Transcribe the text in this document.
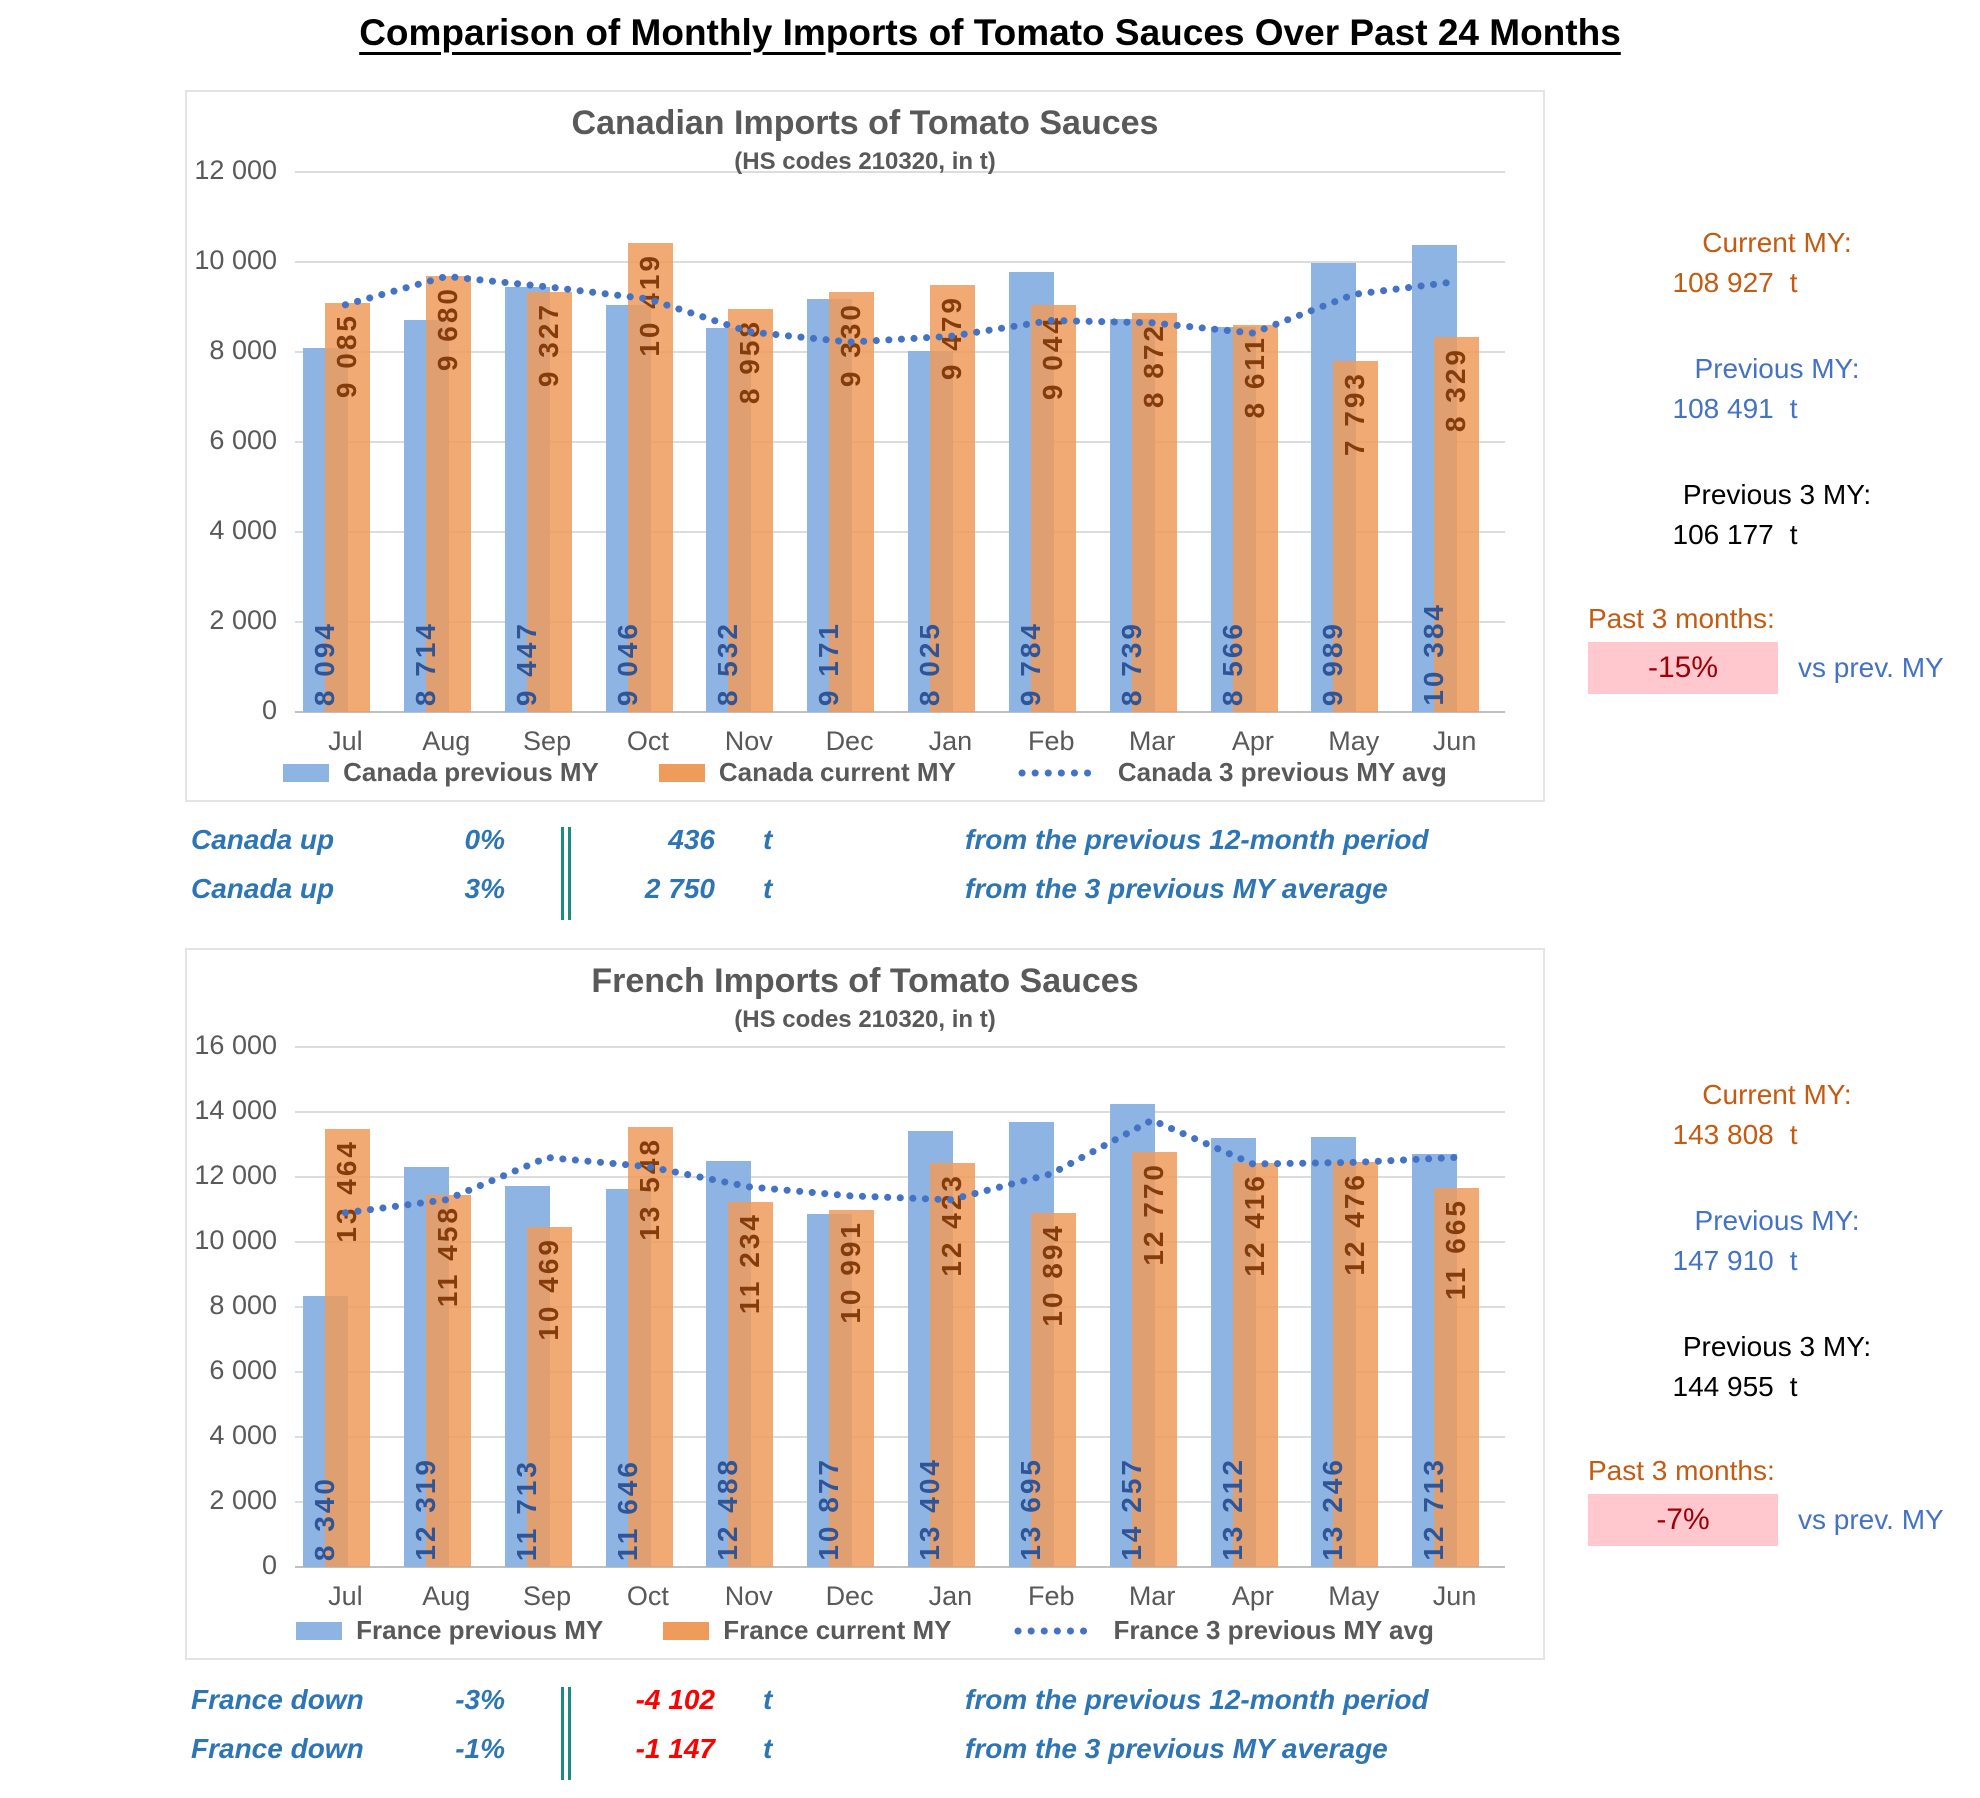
Comparison of Monthly Imports of Tomato Sauces Over Past 24 Months
Canadian Imports of Tomato Sauces
(HS codes 210320, in t)
0
2 000
4 000
6 000
8 000
10 000
12 000
8 094
9 085
Jul
8 714
9 680
Aug
9 447
9 327
Sep
9 046
10 419
Oct
8 532
8 958
Nov
9 171
9 330
Dec
8 025
9 479
Jan
9 784
9 044
Feb
8 739
8 872
Mar
8 566
8 611
Apr
9 989
7 793
May
10 384
8 329
Jun
Canada previous MY	Canada current MY	Canada 3 previous MY avg
Current MY:
108 927 t
Previous MY:
108 491 t
Previous 3 MY:
106 177 t
Past 3 months:
-15%	vs prev. MY
Canada up	0%	436 t	from the previous 12-month period
Canada up	3%	2 750 t	from the 3 previous MY average
French Imports of Tomato Sauces
(HS codes 210320, in t)
0
2 000
4 000
6 000
8 000
10 000
12 000
14 000
16 000
8 340
13 464
Jul
12 319
11 458
Aug
11 713
10 469
Sep
11 646
13 548
Oct
12 488
11 234
Nov
10 877
10 991
Dec
13 404
12 423
Jan
13 695
10 894
Feb
14 257
12 770
Mar
13 212
12 416
Apr
13 246
12 476
May
12 713
11 665
Jun
France previous MY	France current MY	France 3 previous MY avg
Current MY:
143 808 t
Previous MY:
147 910 t
Previous 3 MY:
144 955 t
Past 3 months:
-7%	vs prev. MY
France down	-3%	-4 102 t	from the previous 12-month period
France down	-1%	-1 147 t	from the 3 previous MY average
